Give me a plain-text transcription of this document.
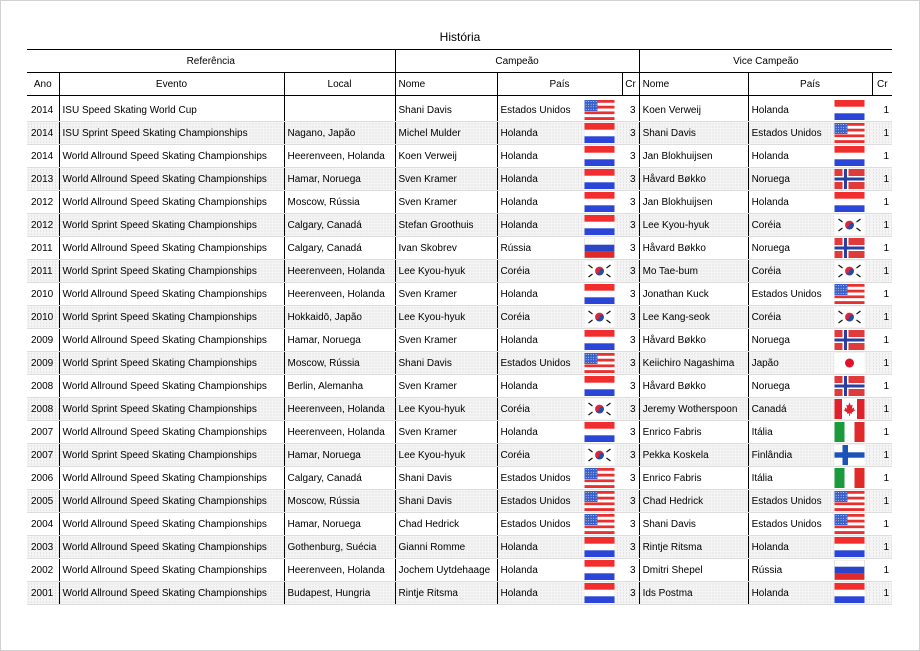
História
Referência			Campeão				Vice Campeão			
Ano	Evento	Local	Nome	País		Cr	Nome	País		Cr
2014	ISU Speed Skating World Cup		Shani Davis	Estados Unidos		3	Koen Verweij	Holanda		1
2014	ISU Sprint Speed Skating Championships	Nagano, Japão	Michel Mulder	Holanda		3	Shani Davis	Estados Unidos		1
2014	World Allround Speed Skating Championships	Heerenveen, Holanda	Koen Verweij	Holanda		3	Jan Blokhuijsen	Holanda		1
2013	World Allround Speed Skating Championships	Hamar, Noruega	Sven Kramer	Holanda		3	Håvard Bøkko	Noruega		1
2012	World Allround Speed Skating Championships	Moscow, Rússia	Sven Kramer	Holanda		3	Jan Blokhuijsen	Holanda		1
2012	World Sprint Speed Skating Championships	Calgary, Canadá	Stefan Groothuis	Holanda		3	Lee Kyou-hyuk	Coréia		1
2011	World Allround Speed Skating Championships	Calgary, Canadá	Ivan Skobrev	Rússia		3	Håvard Bøkko	Noruega		1
2011	World Sprint Speed Skating Championships	Heerenveen, Holanda	Lee Kyou-hyuk	Coréia		3	Mo Tae-bum	Coréia		1
2010	World Allround Speed Skating Championships	Heerenveen, Holanda	Sven Kramer	Holanda		3	Jonathan Kuck	Estados Unidos		1
2010	World Sprint Speed Skating Championships	Hokkaidō, Japão	Lee Kyou-hyuk	Coréia		3	Lee Kang-seok	Coréia		1
2009	World Allround Speed Skating Championships	Hamar, Noruega	Sven Kramer	Holanda		3	Håvard Bøkko	Noruega		1
2009	World Sprint Speed Skating Championships	Moscow, Rússia	Shani Davis	Estados Unidos		3	Keiichiro Nagashima	Japão		1
2008	World Allround Speed Skating Championships	Berlin, Alemanha	Sven Kramer	Holanda		3	Håvard Bøkko	Noruega		1
2008	World Sprint Speed Skating Championships	Heerenveen, Holanda	Lee Kyou-hyuk	Coréia		3	Jeremy Wotherspoon	Canadá		1
2007	World Allround Speed Skating Championships	Heerenveen, Holanda	Sven Kramer	Holanda		3	Enrico Fabris	Itália		1
2007	World Sprint Speed Skating Championships	Hamar, Noruega	Lee Kyou-hyuk	Coréia		3	Pekka Koskela	Finlândia		1
2006	World Allround Speed Skating Championships	Calgary, Canadá	Shani Davis	Estados Unidos		3	Enrico Fabris	Itália		1
2005	World Allround Speed Skating Championships	Moscow, Rússia	Shani Davis	Estados Unidos		3	Chad Hedrick	Estados Unidos		1
2004	World Allround Speed Skating Championships	Hamar, Noruega	Chad Hedrick	Estados Unidos		3	Shani Davis	Estados Unidos		1
2003	World Allround Speed Skating Championships	Gothenburg, Suécia	Gianni Romme	Holanda		3	Rintje Ritsma	Holanda		1
2002	World Allround Speed Skating Championships	Heerenveen, Holanda	Jochem Uytdehaage	Holanda		3	Dmitri Shepel	Rússia		1
2001	World Allround Speed Skating Championships	Budapest, Hungria	Rintje Ritsma	Holanda		3	Ids Postma	Holanda		1
